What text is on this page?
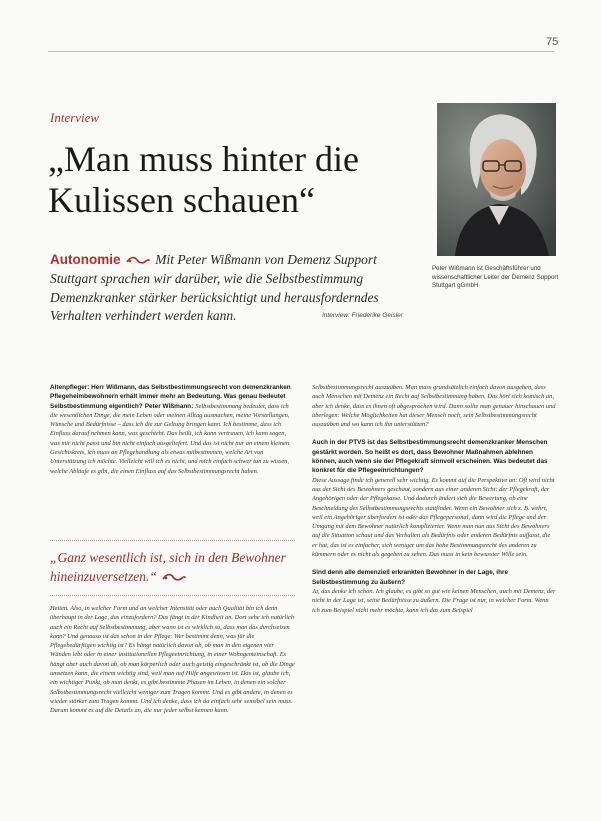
75
Interview
„Man muss hinter die Kulissen schauen“
Peter Wißmann ist Geschäftsführer und wissenschaftlicher Leiter der Demenz Support Stuttgart gGmbH
Autonomie	Mit Peter Wißmann von Demenz Support Stuttgart sprachen wir darüber, wie die Selbstbestimmung Demenzkranker stärker berücksichtigt und herausforderndes Verhalten verhindert werden kann.	Interview: Friederike Geisler
Altenpfleger: Herr Wißmann, das Selbstbestimmungsrecht von demenzkranken Pflegeheimbewohnern erhält immer mehr an Bedeutung. Was genau bedeutet Selbstbestimmung eigentlich? Peter Wißmann: Selbstbestimmung bedeutet, dass ich die wesentlichen Dinge, die mein Leben oder meinen Alltag ausmachen, meine Vorstellungen, Wünsche und Bedürfnisse – dass ich die zur Geltung bringen kann. Ich bestimme, dass ich Einfluss darauf nehmen kann, was geschieht. Das heißt, ich kann vertrauen, ich kann sagen, was mir nicht passt und bin nicht einfach ausgeliefert. Und das ist nicht nur an einem kleinen Gesichtskreis, ich muss an Pflegehandlung als etwas mitbestimmen, welche Art von Unterstützung ich möchte. Vielleicht will ich es nicht, und mich einfach schwer tun zu wissen, welche Abläufe es gibt, die einen Einfluss auf das Selbstbestimmungsrecht haben.
„Ganz wesentlich ist, sich in den Bewohner hineinzuversetzen.“
Heiten. Also, in welcher Form und an welcher Intensität oder auch Qualität bin ich denn überhaupt in der Lage, das einzufordern? Das fängt in der Kindheit an. Dort sehe ich natürlich auch ein Recht auf Selbstbestimmung, aber wann ist es wirklich so, dass man das durchsetzen kann? Und genauso ist das schon in der Pflege: Wer bestimmt denn, was für die Pflegebedürftigen wichtig ist? Es hängt natürlich davon ab, ob man in den eigenen vier Wänden lebt oder in einer institutionellen Pflegeeinrichtung, in einer Wohngemeinschaft. Es hängt aber auch davon ab, ob man körperlich oder auch geistig eingeschränkt ist, ob die Dinge umsetzen kann, die einem wichtig sind, weil man auf Hilfe angewiesen ist. Das ist, glaube ich, ein wichtiger Punkt, ob man denkt, es gibt bestimmte Phasen im Leben, in denen ein solcher Selbstbestimmungsrecht vielleicht weniger zum Tragen kommt. Und es gibt andere, in denen es wieder stärker zum Tragen kommt. Und ich denke, dass ich da einfach sehr sensibel sein muss. Darum kommt es auf die Details an, die nur jeder selbst kennen kann.
Selbstbestimmungsrecht auszuüben. Man muss grundsätzlich einfach davon ausgehen, dass auch Menschen mit Demenz ein Recht auf Selbstbestimmung haben. Das hört sich komisch an, aber ich denke, dass es ihnen oft abgesprochen wird. Dann sollte man genauer hinschauen und überlegen: Welche Möglichkeiten hat dieser Mensch noch, sein Selbstbestimmungsrecht auszuüben und wo kann ich ihn unterstützen?
Auch in der PTVS ist das Selbstbestimmungsrecht demenzkranker Menschen gestärkt worden. So heißt es dort, dass Bewohner Maßnahmen ablehnen können, auch wenn sie der Pflegekraft sinnvoll erscheinen. Was bedeutet das konkret für die Pflegeeinrichtungen?
Diese Aussage finde ich generell sehr wichtig. Es kommt auf die Perspektive an: Oft wird nicht aus der Sicht des Bewohners geschaut, sondern aus einer anderen Sicht: der Pflegekraft, der Angehörigen oder der Pflegekasse. Und dadurch ändert sich die Bewertung, ob eine Beschneidung des Selbstbestimmungsrechts stattfindet. Wenn ein Bewohner sich z. B. wehrt, weil ein Angehöriger überfordert ist oder das Pflegepersonal, dann wird die Pflege und der Umgang mit dem Bewohner natürlich komplizierter. Wenn man nun aus Sicht des Bewohners auf die Situation schaut und das Verhalten als Bedürfnis oder anderen Bedürfnis auffasst, die er hat, das ist es einfacher, sich weniger um das hohe Bestimmungsrecht des anderen zu kümmern oder es nicht als gegeben zu sehen. Das muss in kein bewusster Wille sein.
Sind denn alle demenziell erkrankten Bewohner in der Lage, ihre Selbstbestimmung zu äußern?
Ja, das denke ich schon. Ich glaube, es gibt so gut wie keinen Menschen, auch mit Demenz, der nicht in der Lage ist, seine Bedürfnisse zu äußern. Die Frage ist nur, in welcher Form. Wenn ich zum Beispiel nicht mehr möchte, kann ich das zum Beispiel
